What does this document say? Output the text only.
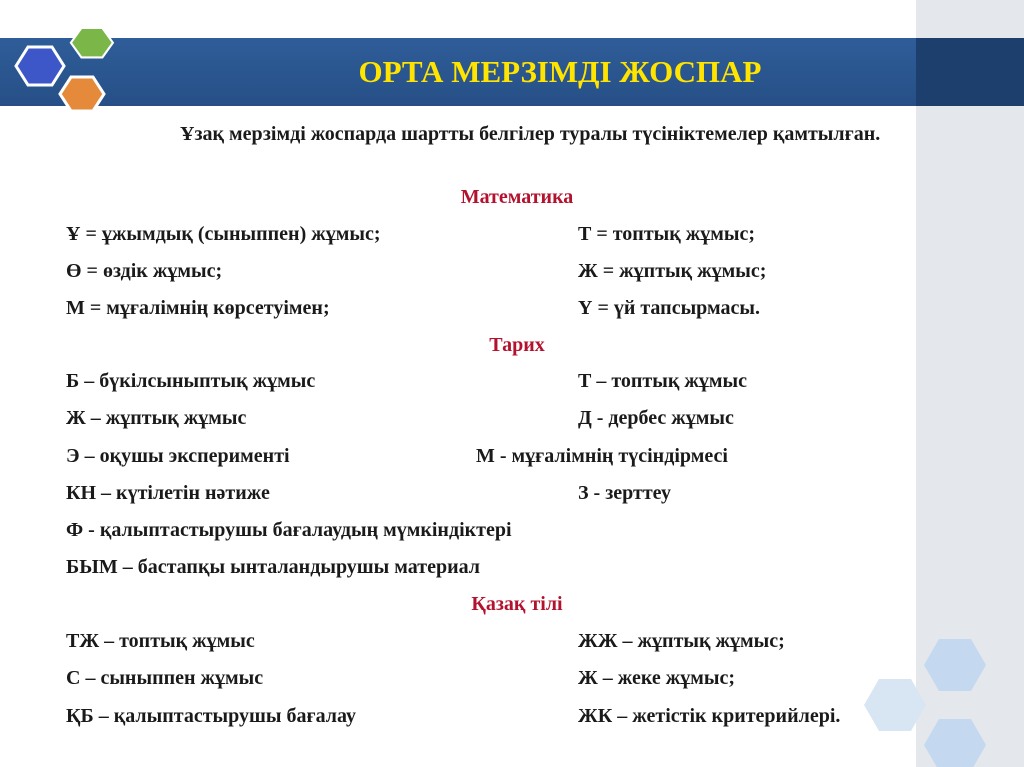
ОРТА МЕРЗІМДІ ЖОСПАР
Ұзақ мерзімді жоспарда шартты белгілер туралы түсініктемелер қамтылған.
Математика
Ұ = ұжымдық (сыныппен) жұмыс;	Т = топтық жұмыс;
Ө = өздік жұмыс;	Ж = жұптық жұмыс;
М = мұғалімнің көрсетуімен;	Ү = үй тапсырмасы.
Тарих
Б – бүкілсыныптық жұмыс	Т – топтық жұмыс
Ж – жұптық жұмыс	Д - дербес жұмыс
Э – оқушы эксперименті	М - мұғалімнің түсіндірмесі
КН – күтілетін нәтиже	З - зерттеу
Ф - қалыптастырушы бағалаудың мүмкіндіктері
БЫМ – бастапқы ынталандырушы материал
Қазақ тілі
ТЖ – топтық жұмыс	ЖЖ – жұптық жұмыс;
С – сыныппен жұмыс	Ж – жеке жұмыс;
ҚБ – қалыптастырушы бағалау	ЖК – жетістік критерийлері.
